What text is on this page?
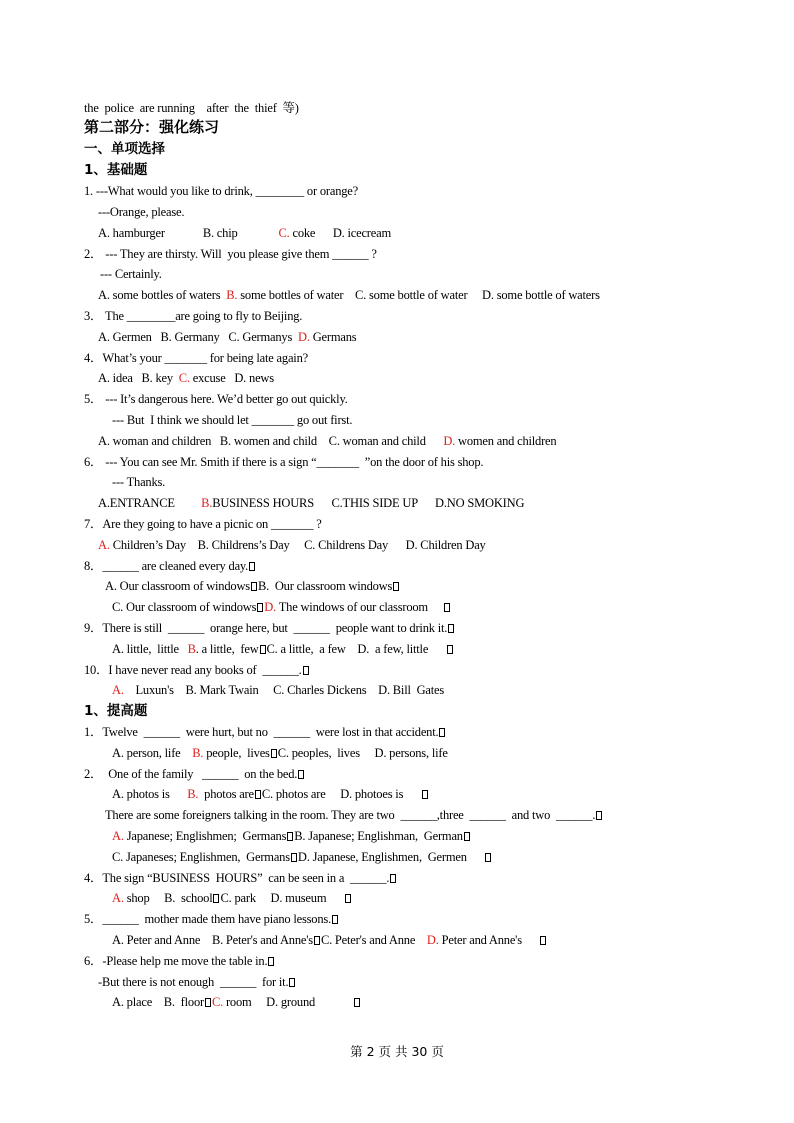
the  police  are running    after  the  thief  等)
第二部分：强化练习
一、单项选择
1、基础题
1. ---What would you like to drink, ________ or orange?
---Orange, please.
A. hamburger             B. chip              C. coke      D. icecream
2． --- They are thirsty. Will  you please give them ______ ?
--- Certainly.
A. some bottles of waters  B. some bottles of water    C. some bottle of water     D. some bottle of waters
3． The ________are going to fly to Beijing.
A. Germen   B. Germany   C. Germanys  D. Germans
4．What’s your _______ for being late again?
A. idea   B. key  C. excuse   D. news
5． --- It’s dangerous here. We’d better go out quickly.
--- But  I think we should let _______ go out first.
A. woman and children   B. women and child    C. woman and child      D. women and children
6． --- You can see Mr. Smith if there is a sign “_______  ”on the door of his shop.
--- Thanks.
A.ENTRANCE         B.BUSINESS HOURS      C.THIS SIDE UP      D.NO SMOKING
7．Are they going to have a picnic on _______ ?
A. Children’s Day    B. Childrens’s Day     C. Childrens Day      D. Children Day
8．______ are cleaned every day.
A. Our classroom of windows B.  Our classroom windows
C. Our classroom of windows D. The windows of our classroom
9．There is still  ______  orange here, but  ______  people want to drink it.
A. little,  little   B. a little,  few C. a little,  a few    D.  a few, little
10．I have never read any books of  ______.
A.    Luxun's    B. Mark Twain     C. Charles Dickens    D. Bill  Gates
1、提高题
1．Twelve  ______  were hurt, but no  ______  were lost in that accident.
A. person, life    B. people,  lives C. peoples,  lives     D. persons, life
2．  One of the family   ______  on the bed.
A. photos is      B.  photos are C. photos are     D. photoes is
There are some foreigners talking in the room. They are two  ______,three  ______  and two  ______.
A. Japanese; Englishmen;  Germans B. Japanese; Englishman,  German
C. Japaneses; Englishmen,  Germans D. Japanese, Englishmen,  Germen
4．The sign “BUSINESS  HOURS”  can be seen in a  ______.
A. shop     B.  school C. park     D. museum
5．______  mother made them have piano lessons.
A. Peter and Anne    B. Peter's and Anne's C. Peter's and Anne    D. Peter and Anne's
6．-Please help me move the table in.
-But there is not enough  ______  for it.
A. place    B.  floor C. room     D. ground
第 2 页 共 30 页
